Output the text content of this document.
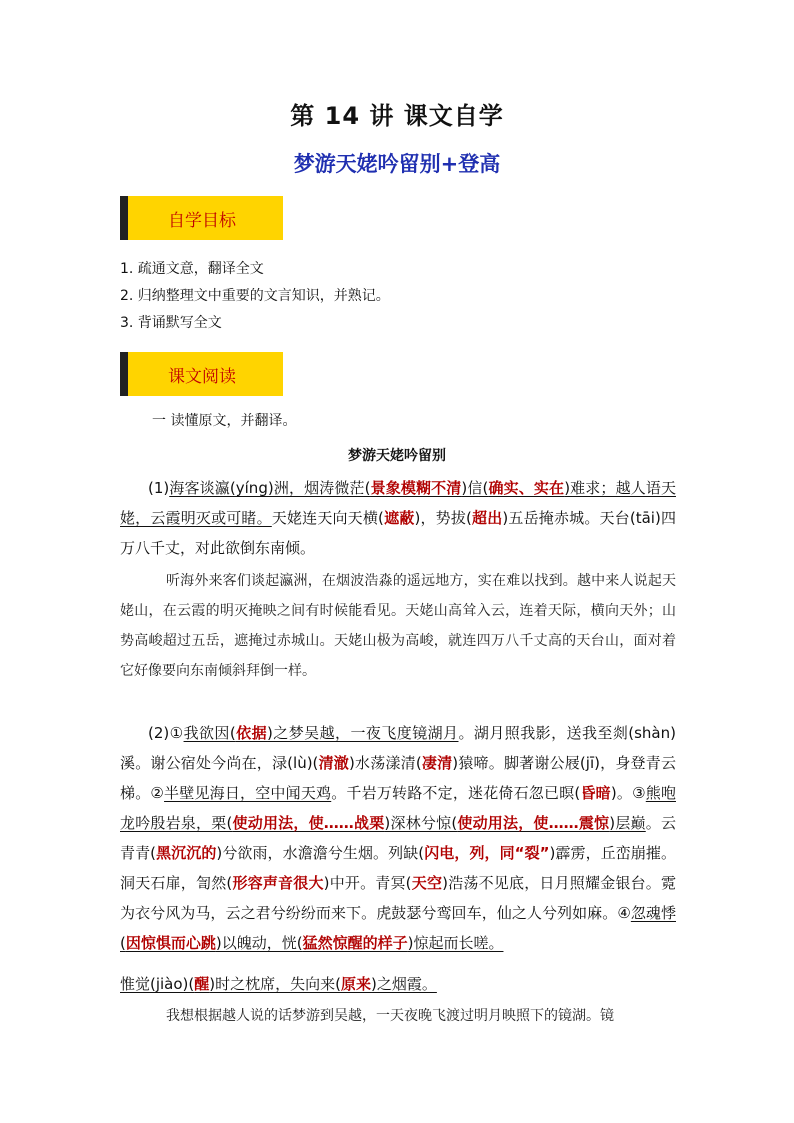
第 14 讲 课文自学
梦游天姥吟留别+登高
自学目标
1. 疏通文意，翻译全文
2. 归纳整理文中重要的文言知识，并熟记。
3. 背诵默写全文
课文阅读
一 读懂原文，并翻译。
梦游天姥吟留别
(1)海客谈瀛(yíng)洲，烟涛微茫(景象模糊不清)信(确实、实在)难求；越人语天姥，云霞明灭或可睹。天姥连天向天横(遮蔽)，势拔(超出)五岳掩赤城。天台(tāi)四万八千丈，对此欲倒东南倾。
听海外来客们谈起瀛洲，在烟波浩淼的遥远地方，实在难以找到。越中来人说起天姥山，在云霞的明灭掩映之间有时候能看见。天姥山高耸入云，连着天际，横向天外；山势高峻超过五岳，遮掩过赤城山。天姥山极为高峻，就连四万八千丈高的天台山，面对着它好像要向东南倾斜拜倒一样。
(2)①我欲因(依据)之梦吴越，一夜飞度镜湖月。湖月照我影，送我至剡(shàn)溪。谢公宿处今尚在，渌(lù)(清澈)水荡漾清(凄清)猿啼。脚著谢公屐(jī)，身登青云梯。②半壁见海日，空中闻天鸡。千岩万转路不定，迷花倚石忽已暝(昏暗)。③熊咆龙吟殷岩泉，栗(使动用法，使……战栗)深林兮惊(使动用法，使……震惊)层巅。云青青(黑沉沉的)兮欲雨，水澹澹兮生烟。列缺(闪电，列，同“裂”)霹雳，丘峦崩摧。洞天石扉，訇然(形容声音很大)中开。青冥(天空)浩荡不见底，日月照耀金银台。霓为衣兮风为马，云之君兮纷纷而来下。虎鼓瑟兮鸾回车，仙之人兮列如麻。④忽魂悸(因惊惧而心跳)以魄动，恍(猛然惊醒的样子)惊起而长嗟。
惟觉(jiào)(醒)时之枕席，失向来(原来)之烟霞。
我想根据越人说的话梦游到吴越，一天夜晚飞渡过明月映照下的镜湖。镜
